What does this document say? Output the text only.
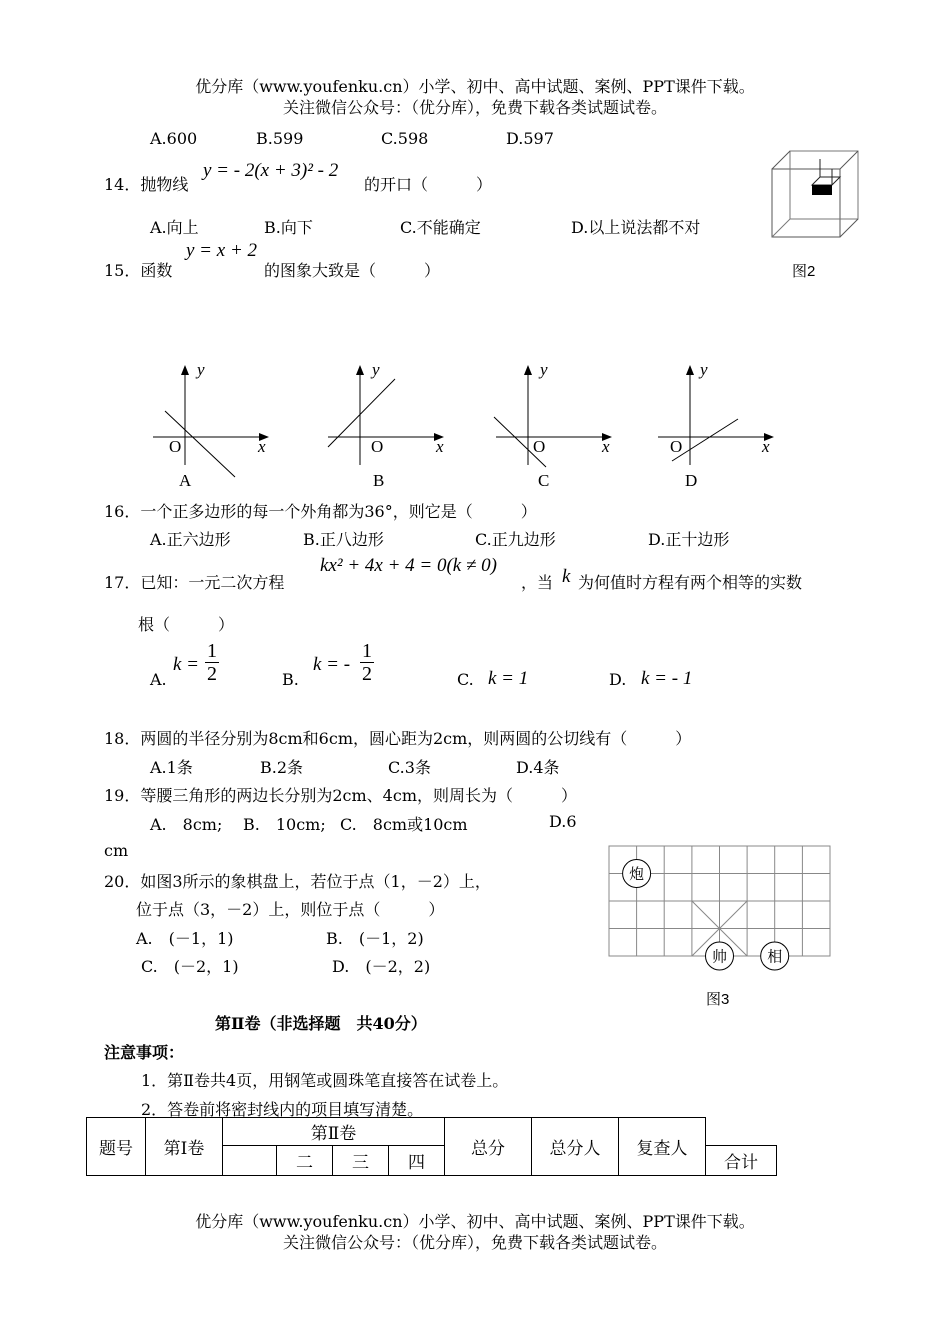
优分库（www.youfenku.cn）小学、初中、高中试题、案例、PPT课件下载。
关注微信公众号：（优分库），免费下载各类试题试卷。
A.600	B.599	C.598	D.597
14．抛物线
y = - 2(x + 3)² - 2
的开口（　　　）
A.向上	B.向下	C.不能确定	D.以上说法都不对
图2
15．函数
y = x + 2
的图象大致是（　　　）
y
O	x
A
y
O	x
B
y
O	x
C
y
O	x
D
16．一个正多边形的每一个外角都为36°，则它是（　　　）
A.正六边形	B.正八边形	C.正九边形	D.正十边形
17．已知：一元二次方程
kx² + 4x + 4 = 0(k ≠ 0)
，当 k 为何值时方程有两个相等的实数
根（　　　）
A.
$k = \frac{1}{2}$	B.
k = - $\frac{1}{2}$	C. k = 1	D. k = - 1
18．两圆的半径分别为8cm和6cm，圆心距为2cm，则两圆的公切线有（　　　）
A.1条	B.2条	C.3条	D.4条
19．等腰三角形的两边长分别为2cm、4cm，则周长为（　　　）
A.　8cm; B.　10cm; C.　8cm或10cm	D.6
cm
20．如图3所示的象棋盘上，若位于点（1，－2）上，
位于点（3，－2）上，则位于点（　　　）
A.　(－1，1)	B.　(－1，2)
C.　(－2，1)	D.　(－2，2)
炮
帅	相
图3
第Ⅱ卷（非选择题　共40分）
注意事项：
1．第Ⅱ卷共4页，用钢笔或圆珠笔直接答在试卷上。
2．答卷前将密封线内的项目填写清楚。
题号	第Ⅰ卷	第Ⅱ卷				总分	总分人	复查人	
			二	三	四				合计
优分库（www.youfenku.cn）小学、初中、高中试题、案例、PPT课件下载。
关注微信公众号：（优分库），免费下载各类试题试卷。
